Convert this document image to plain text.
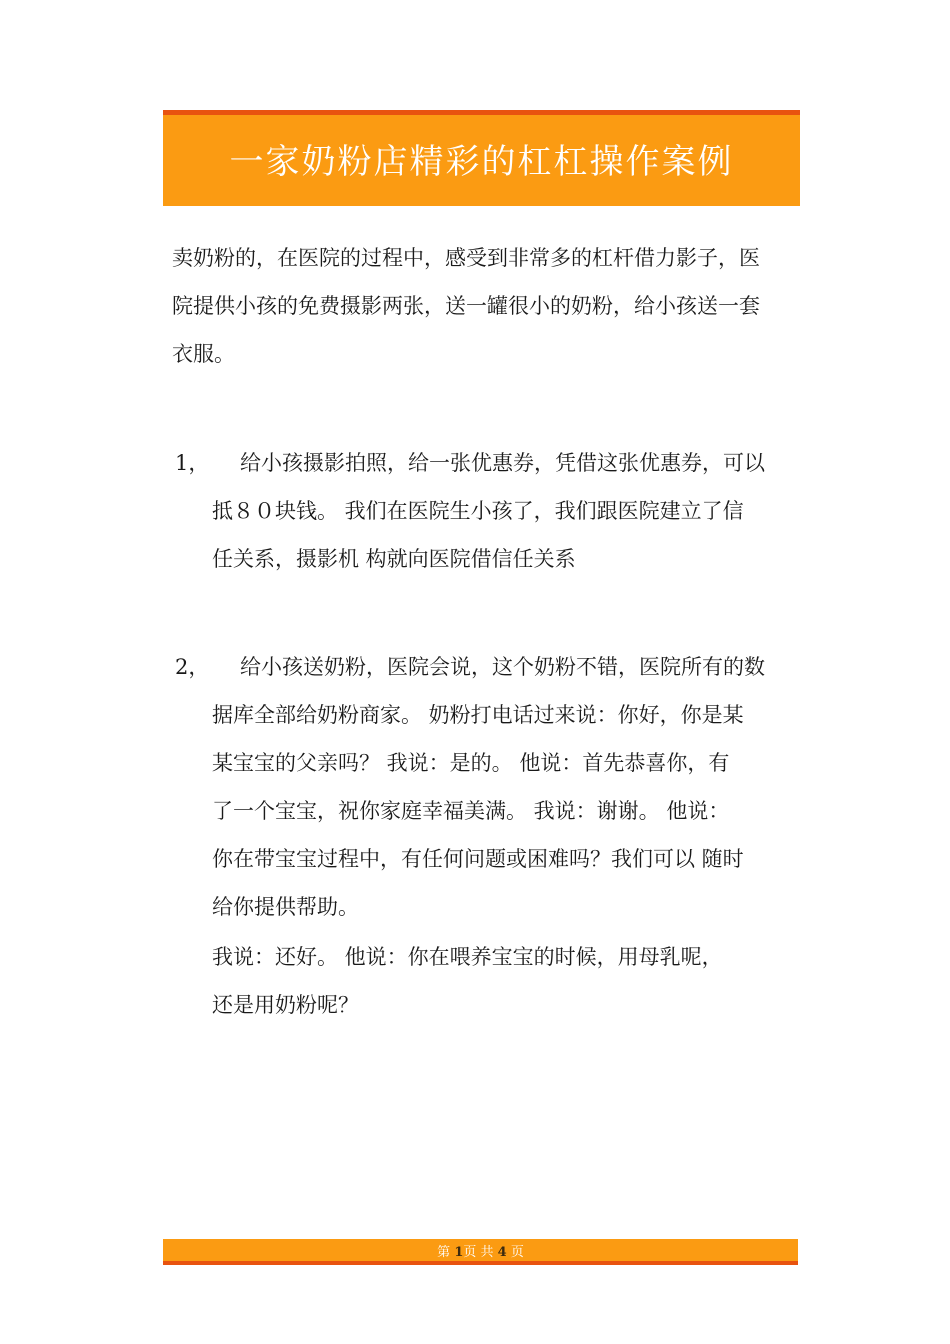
一家奶粉店精彩的杠杠操作案例
卖奶粉的，在医院的过程中，感受到非常多的杠杆借力影子，医
院提供小孩的免费摄影两张，送一罐很小的奶粉，给小孩送一套
衣服。
1，	给小孩摄影拍照，给一张优惠券，凭借这张优惠券，可以
抵８０块钱。 我们在医院生小孩了，我们跟医院建立了信
任关系，摄影机 构就向医院借信任关系
2，	给小孩送奶粉，医院会说，这个奶粉不错，医院所有的数
据库全部给奶粉商家。 奶粉打电话过来说：你好，你是某
某宝宝的父亲吗？ 我说：是的。 他说：首先恭喜你，有
了一个宝宝，祝你家庭幸福美满。 我说：谢谢。 他说：
你在带宝宝过程中，有任何问题或困难吗？我们可以 随时
给你提供帮助。
我说：还好。 他说：你在喂养宝宝的时候，用母乳呢，
还是用奶粉呢？
第 1页 共 4 页
